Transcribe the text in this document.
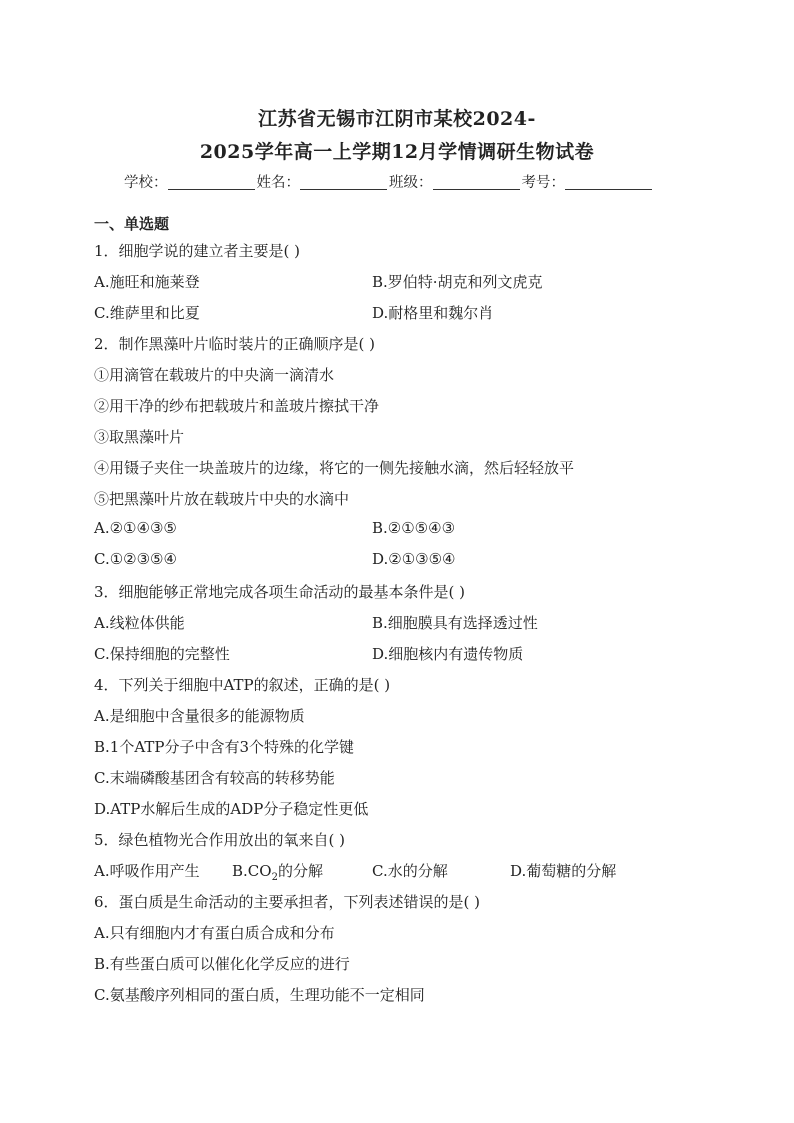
江苏省无锡市江阴市某校2024-
2025学年高一上学期12月学情调研生物试卷
学校：	姓名：	班级：	考号：
一、单选题
1．细胞学说的建立者主要是( )
A.施旺和施莱登	B.罗伯特·胡克和列文虎克
C.维萨里和比夏	D.耐格里和魏尔肖
2．制作黑藻叶片临时装片的正确顺序是( )
①用滴管在载玻片的中央滴一滴清水
②用干净的纱布把载玻片和盖玻片擦拭干净
③取黑藻叶片
④用镊子夹住一块盖玻片的边缘，将它的一侧先接触水滴，然后轻轻放平
⑤把黑藻叶片放在载玻片中央的水滴中
A.②①④③⑤	B.②①⑤④③
C.①②③⑤④	D.②①③⑤④
3．细胞能够正常地完成各项生命活动的最基本条件是( )
A.线粒体供能	B.细胞膜具有选择透过性
C.保持细胞的完整性	D.细胞核内有遗传物质
4．下列关于细胞中ATP的叙述，正确的是( )
A.是细胞中含量很多的能源物质
B.1个ATP分子中含有3个特殊的化学键
C.末端磷酸基团含有较高的转移势能
D.ATP水解后生成的ADP分子稳定性更低
5．绿色植物光合作用放出的氧来自( )
A.呼吸作用产生 $B.CO_2$的分解	C.水的分解	D.葡萄糖的分解
6．蛋白质是生命活动的主要承担者，下列表述错误的是( )
A.只有细胞内才有蛋白质合成和分布
B.有些蛋白质可以催化化学反应的进行
C.氨基酸序列相同的蛋白质，生理功能不一定相同
